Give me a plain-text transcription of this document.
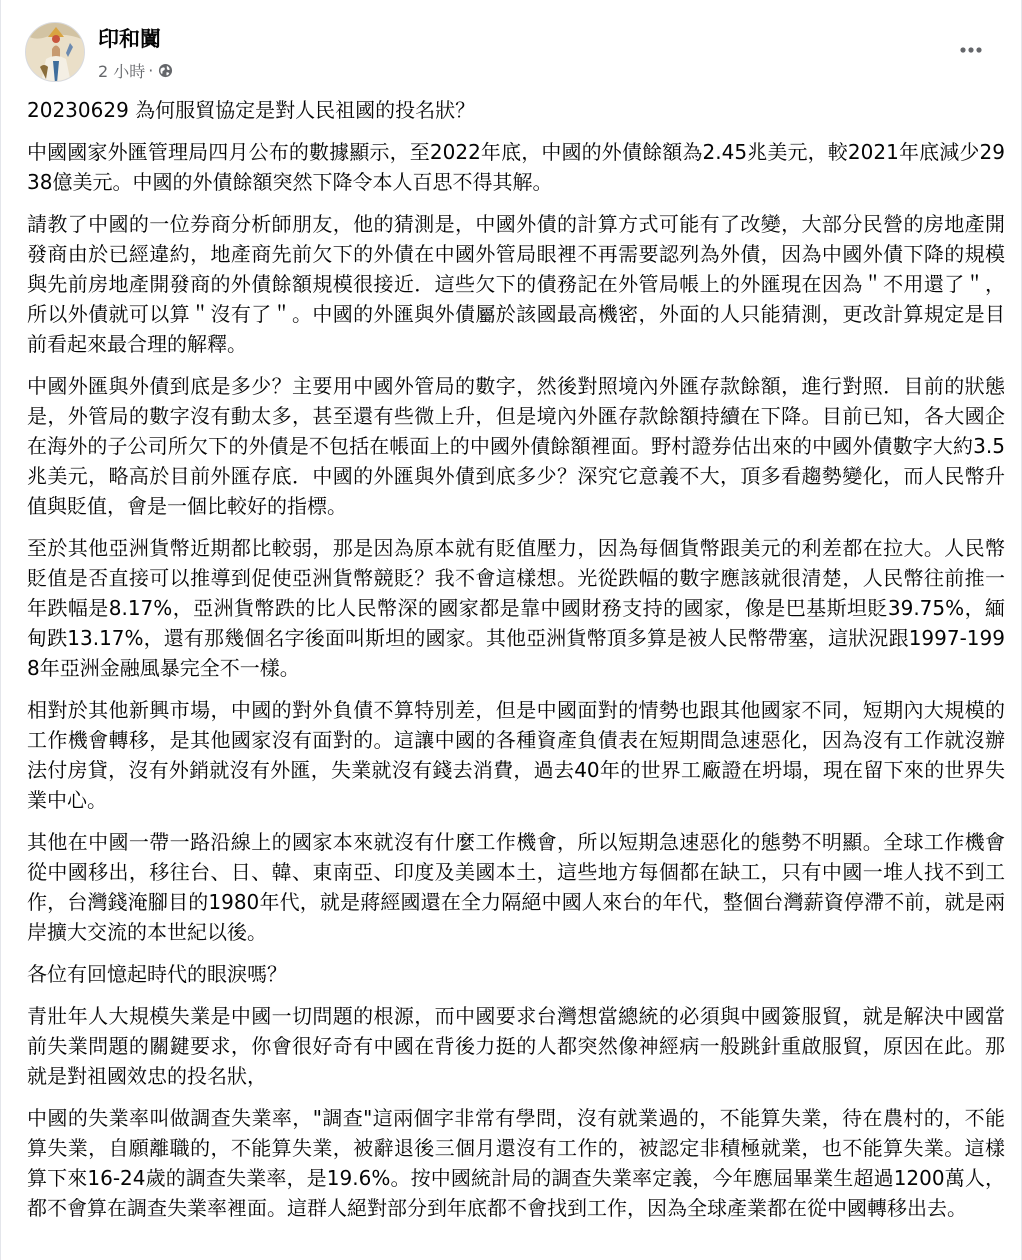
印和闐
2 小時 ·

20230629 為何服貿協定是對人民祖國的投名狀？

中國國家外匯管理局四月公布的數據顯示，至2022年底，中國的外債餘額為2.45兆美元，較2021年底減少2938億美元。中國的外債餘額突然下降令本人百思不得其解。

請教了中國的一位券商分析師朋友，他的猜測是，中國外債的計算方式可能有了改變，大部分民營的房地產開發商由於已經違約，地產商先前欠下的外債在中國外管局眼裡不再需要認列為外債，因為中國外債下降的規模與先前房地產開發商的外債餘額規模很接近．這些欠下的債務記在外管局帳上的外匯現在因為＂不用還了＂，所以外債就可以算＂沒有了＂。中國的外匯與外債屬於該國最高機密，外面的人只能猜測，更改計算規定是目前看起來最合理的解釋。

中國外匯與外債到底是多少？主要用中國外管局的數字，然後對照境內外匯存款餘額，進行對照．目前的狀態是，外管局的數字沒有動太多，甚至還有些微上升，但是境內外匯存款餘額持續在下降。目前已知，各大國企在海外的子公司所欠下的外債是不包括在帳面上的中國外債餘額裡面。野村證券估出來的中國外債數字大約3.5兆美元，略高於目前外匯存底．中國的外匯與外債到底多少？深究它意義不大，頂多看趨勢變化，而人民幣升值與貶值，會是一個比較好的指標。

至於其他亞洲貨幣近期都比較弱，那是因為原本就有貶值壓力，因為每個貨幣跟美元的利差都在拉大。人民幣貶值是否直接可以推導到促使亞洲貨幣競貶？我不會這樣想。光從跌幅的數字應該就很清楚，人民幣往前推一年跌幅是8.17%，亞洲貨幣跌的比人民幣深的國家都是靠中國財務支持的國家，像是巴基斯坦貶39.75%，緬甸跌13.17%，還有那幾個名字後面叫斯坦的國家。其他亞洲貨幣頂多算是被人民幣帶塞，這狀況跟1997-1998年亞洲金融風暴完全不一樣。

相對於其他新興市場，中國的對外負債不算特別差，但是中國面對的情勢也跟其他國家不同，短期內大規模的工作機會轉移，是其他國家沒有面對的。這讓中國的各種資產負債表在短期間急速惡化，因為沒有工作就沒辦法付房貸，沒有外銷就沒有外匯，失業就沒有錢去消費，過去40年的世界工廠證在坍塌，現在留下來的世界失業中心。

其他在中國一帶一路沿線上的國家本來就沒有什麼工作機會，所以短期急速惡化的態勢不明顯。全球工作機會從中國移出，移往台、日、韓、東南亞、印度及美國本土，這些地方每個都在缺工，只有中國一堆人找不到工作，台灣錢淹腳目的1980年代，就是蔣經國還在全力隔絕中國人來台的年代，整個台灣薪資停滯不前，就是兩岸擴大交流的本世紀以後。

各位有回憶起時代的眼淚嗎？

青壯年人大規模失業是中國一切問題的根源，而中國要求台灣想當總統的必須與中國簽服貿，就是解決中國當前失業問題的關鍵要求，你會很好奇有中國在背後力挺的人都突然像神經病一般跳針重啟服貿，原因在此。那就是對祖國效忠的投名狀，

中國的失業率叫做調查失業率，"調查"這兩個字非常有學問，沒有就業過的，不能算失業，待在農村的，不能算失業，自願離職的，不能算失業，被辭退後三個月還沒有工作的，被認定非積極就業，也不能算失業。這樣算下來16-24歲的調查失業率，是19.6%。按中國統計局的調查失業率定義，今年應屆畢業生超過1200萬人，都不會算在調查失業率裡面。這群人絕對部分到年底都不會找到工作，因為全球產業都在從中國轉移出去。
